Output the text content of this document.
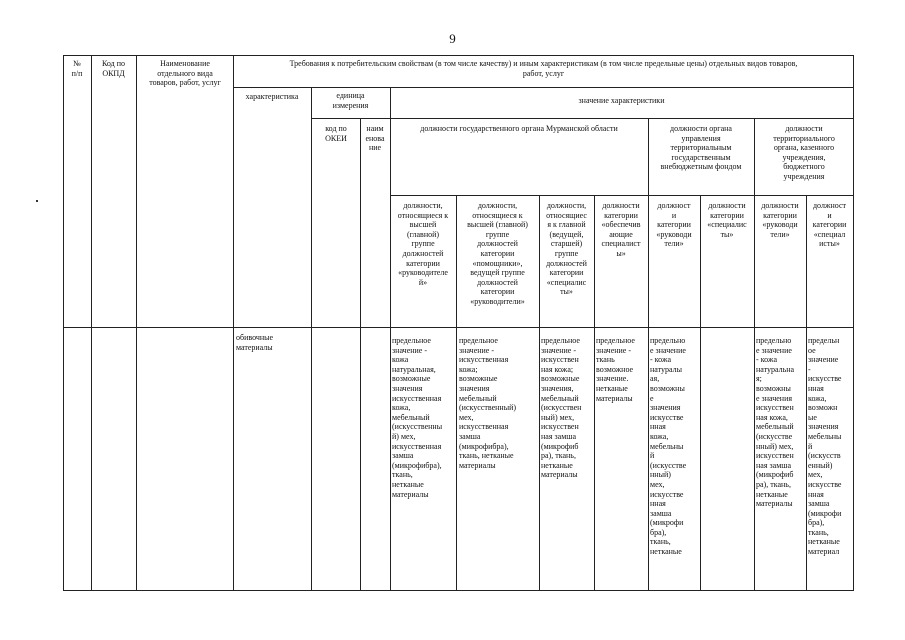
9
№
п/п
Код по
ОКПД
Наименование
отдельного вида
товаров, работ, услуг
Требования к потребительским свойствам (в том числе качеству) и иным характеристикам (в том числе предельные цены) отдельных видов товаров,
работ, услуг
характеристика	единица
измерения
значение характеристики
код по
ОКЕИ
наим
енова
ние
должности государственного органа Мурманской области	должности органа
управления
территориальным
государственным
внебюджетным фондом
должности
территориального
органа, казенного
учреждения,
бюджетного
учреждения
должности,
относящиеся к
высшей
(главной)
группе
должностей
категории
«руководителе
й»
должности,
относящиеся к
высшей (главной)
группе
должностей
категории
«помощники»,
ведущей группе
должностей
категории
«руководители»
должности,
относящиес
я к главной
(ведущей,
старшей)
группе
должностей
категории
«специалис
ты»
должности
категории
«обеспечив
ающие
специалист
ы»
должност
и
категории
«руководи
тели»
должности
категории
«специалис
ты»
должности
категории
«руководи
тели»
должност
и
категории
«специал
исты»
обивочные
материалы
предельное
значение -
кожа
натуральная,
возможные
значения
искусственная
кожа,
мебельный
(искусственны
й) мех,
искусственная
замша
(микрофибра),
ткань,
нетканые
материалы
предельное
значение -
искусственная
кожа;
возможные
значения
мебельный
(искусственный)
мех,
искусственная
замша
(микрофибра),
ткань, нетканые
материалы
предельное
значение -
искусствен
ная кожа;
возможные
значения,
мебельный
(искусствен
ный) мех,
искусствен
ная замша
(микрофиб
ра), ткань,
нетканые
материалы
предельное
значение -
ткань
возможное
значение.
нетканые
материалы
предельно
е значение
- кожа
натуралы
ая,
возможны
е
значения
искусстве
нная
кожа,
мебельны
й
(искусстве
нный)
мех,
искусстве
нная
замша
(микрофи
бра),
ткань,
нетканые
предельно
е значение
- кожа
натуральна
я;
возможны
е значения
искусствен
ная кожа,
мебельный
(искусстве
нный) мех,
искусствен
ная замша
(микрофиб
ра), ткань,
нетканые
материалы
предельн
ое
значение
-
искусстве
нная
кожа,
возможн
ые
значения
мебельны
й
(искусств
енный)
мех,
искусстве
нная
замша
(микрофи
бра),
ткань,
нетканые
материал
